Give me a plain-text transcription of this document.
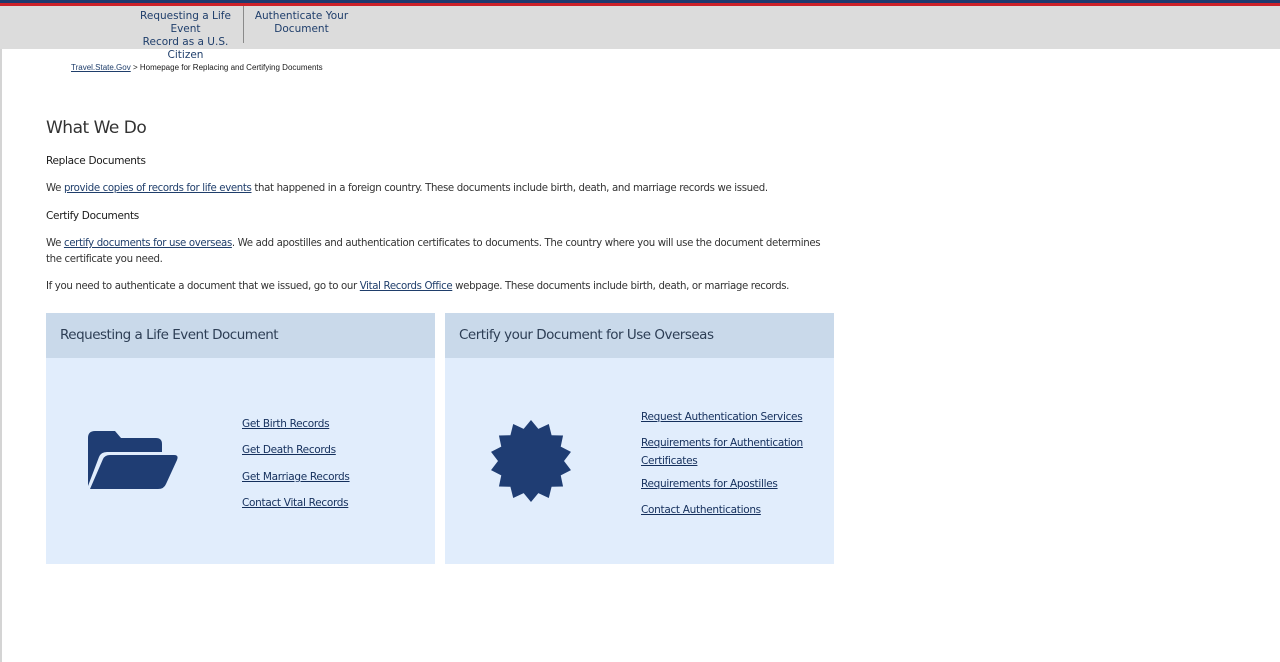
Requesting a Life Event
Record as a U.S. Citizen
Authenticate Your
Document
Travel.State.Gov > Homepage for Replacing and Certifying Documents
What We Do
Replace Documents

We provide copies of records for life events that happened in a foreign country. These documents include birth, death, and marriage records we issued.

Certify Documents

We certify documents for use overseas. We add apostilles and authentication certificates to documents. The country where you will use the document determines the certificate you need.

If you need to authenticate a document that we issued, go to our Vital Records Office webpage. These documents include birth, death, or marriage records.

Requesting a Life Event Document
Get Birth Records
Get Death Records
Get Marriage Records
Contact Vital Records
Certify your Document for Use Overseas
Request Authentication Services
Requirements for Authentication Certificates
Requirements for Apostilles
Contact Authentications
